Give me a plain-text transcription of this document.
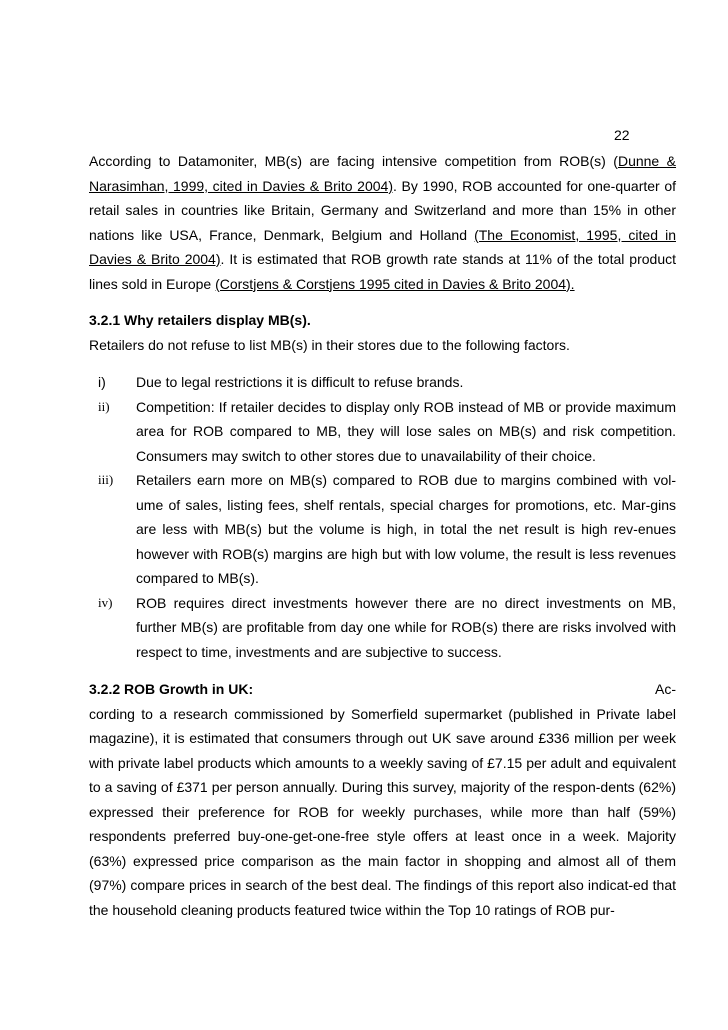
22

According to Datamoniter, MB(s) are facing intensive competition from ROB(s) (Dunne & Narasimhan, 1999, cited in Davies & Brito 2004). By 1990, ROB accounted for one-quarter of retail sales in countries like Britain, Germany and Switzerland and more than 15% in other nations like USA, France, Denmark, Belgium and Holland (The Economist, 1995, cited in Davies & Brito 2004). It is estimated that ROB growth rate stands at 11% of the total product lines sold in Europe (Corstjens & Corstjens 1995 cited in Davies & Brito 2004).

3.2.1 Why retailers display MB(s).

Retailers do not refuse to list MB(s) in their stores due to the following factors.

i)	Due to legal restrictions it is difficult to refuse brands.
ii)	Competition: If retailer decides to display only ROB instead of MB or provide maximum area for ROB compared to MB, they will lose sales on MB(s) and risk competition. Consumers may switch to other stores due to unavailability of their choice.
iii)	Retailers earn more on MB(s) compared to ROB due to margins combined with vol-ume of sales, listing fees, shelf rentals, special charges for promotions, etc. Mar-gins are less with MB(s) but the volume is high, in total the net result is high rev-enues however with ROB(s) margins are high but with low volume, the result is less revenues compared to MB(s).
iv)	ROB requires direct investments however there are no direct investments on MB, further MB(s) are profitable from day one while for ROB(s) there are risks involved with respect to time, investments and are subjective to success.
3.2.2 ROB Growth in UK:	Ac-

cording to a research commissioned by Somerfield supermarket (published in Private label magazine), it is estimated that consumers through out UK save around £336 million per week with private label products which amounts to a weekly saving of £7.15 per adult and equivalent to a saving of £371 per person annually. During this survey, majority of the respon-dents (62%) expressed their preference for ROB for weekly purchases, while more than half (59%) respondents preferred buy-one-get-one-free style offers at least once in a week. Majority (63%) expressed price comparison as the main factor in shopping and almost all of them (97%) compare prices in search of the best deal. The findings of this report also indicat-ed that the household cleaning products featured twice within the Top 10 ratings of ROB pur-
